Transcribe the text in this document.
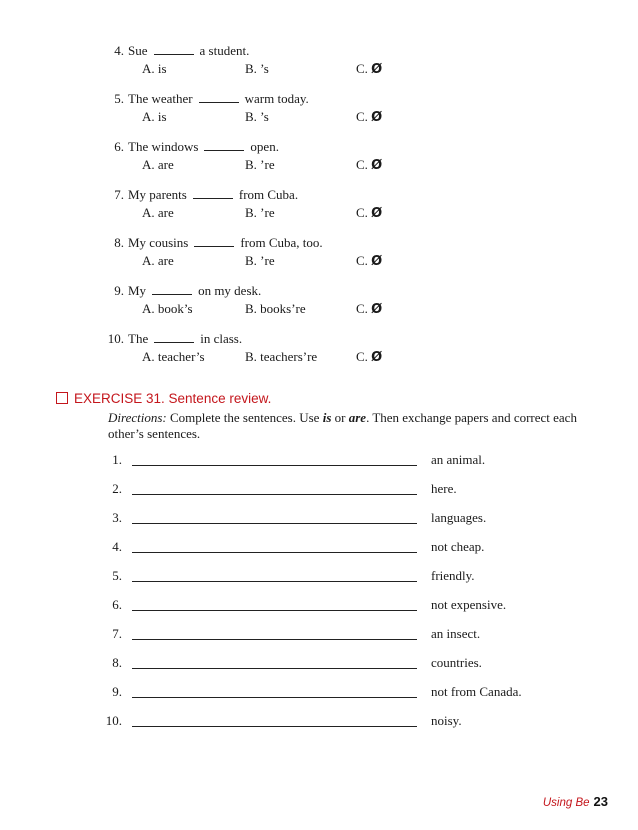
4. Sue	a student.
A. is	B. ’s	C. Ø
5. The weather	warm today.
A. is	B. ’s	C. Ø
6. The windows	open.
A. are	B. ’re	C. Ø
7. My parents	from Cuba.
A. are	B. ’re	C. Ø
8. My cousins	from Cuba, too.
A. are	B. ’re	C. Ø
9. My	on my desk.
A. book’s	B. books’re	C. Ø
10. The	in class.
A. teacher’s	B. teachers’re	C. Ø
EXERCISE 31. Sentence review.
Directions: Complete the sentences. Use is or are. Then exchange papers and correct each other’s sentences.
1.	an animal.
2.	here.
3.	languages.
4.	not cheap.
5.	friendly.
6.	not expensive.
7.	an insect.
8.	countries.
9.	not from Canada.
10.	noisy.
Using Be 23
